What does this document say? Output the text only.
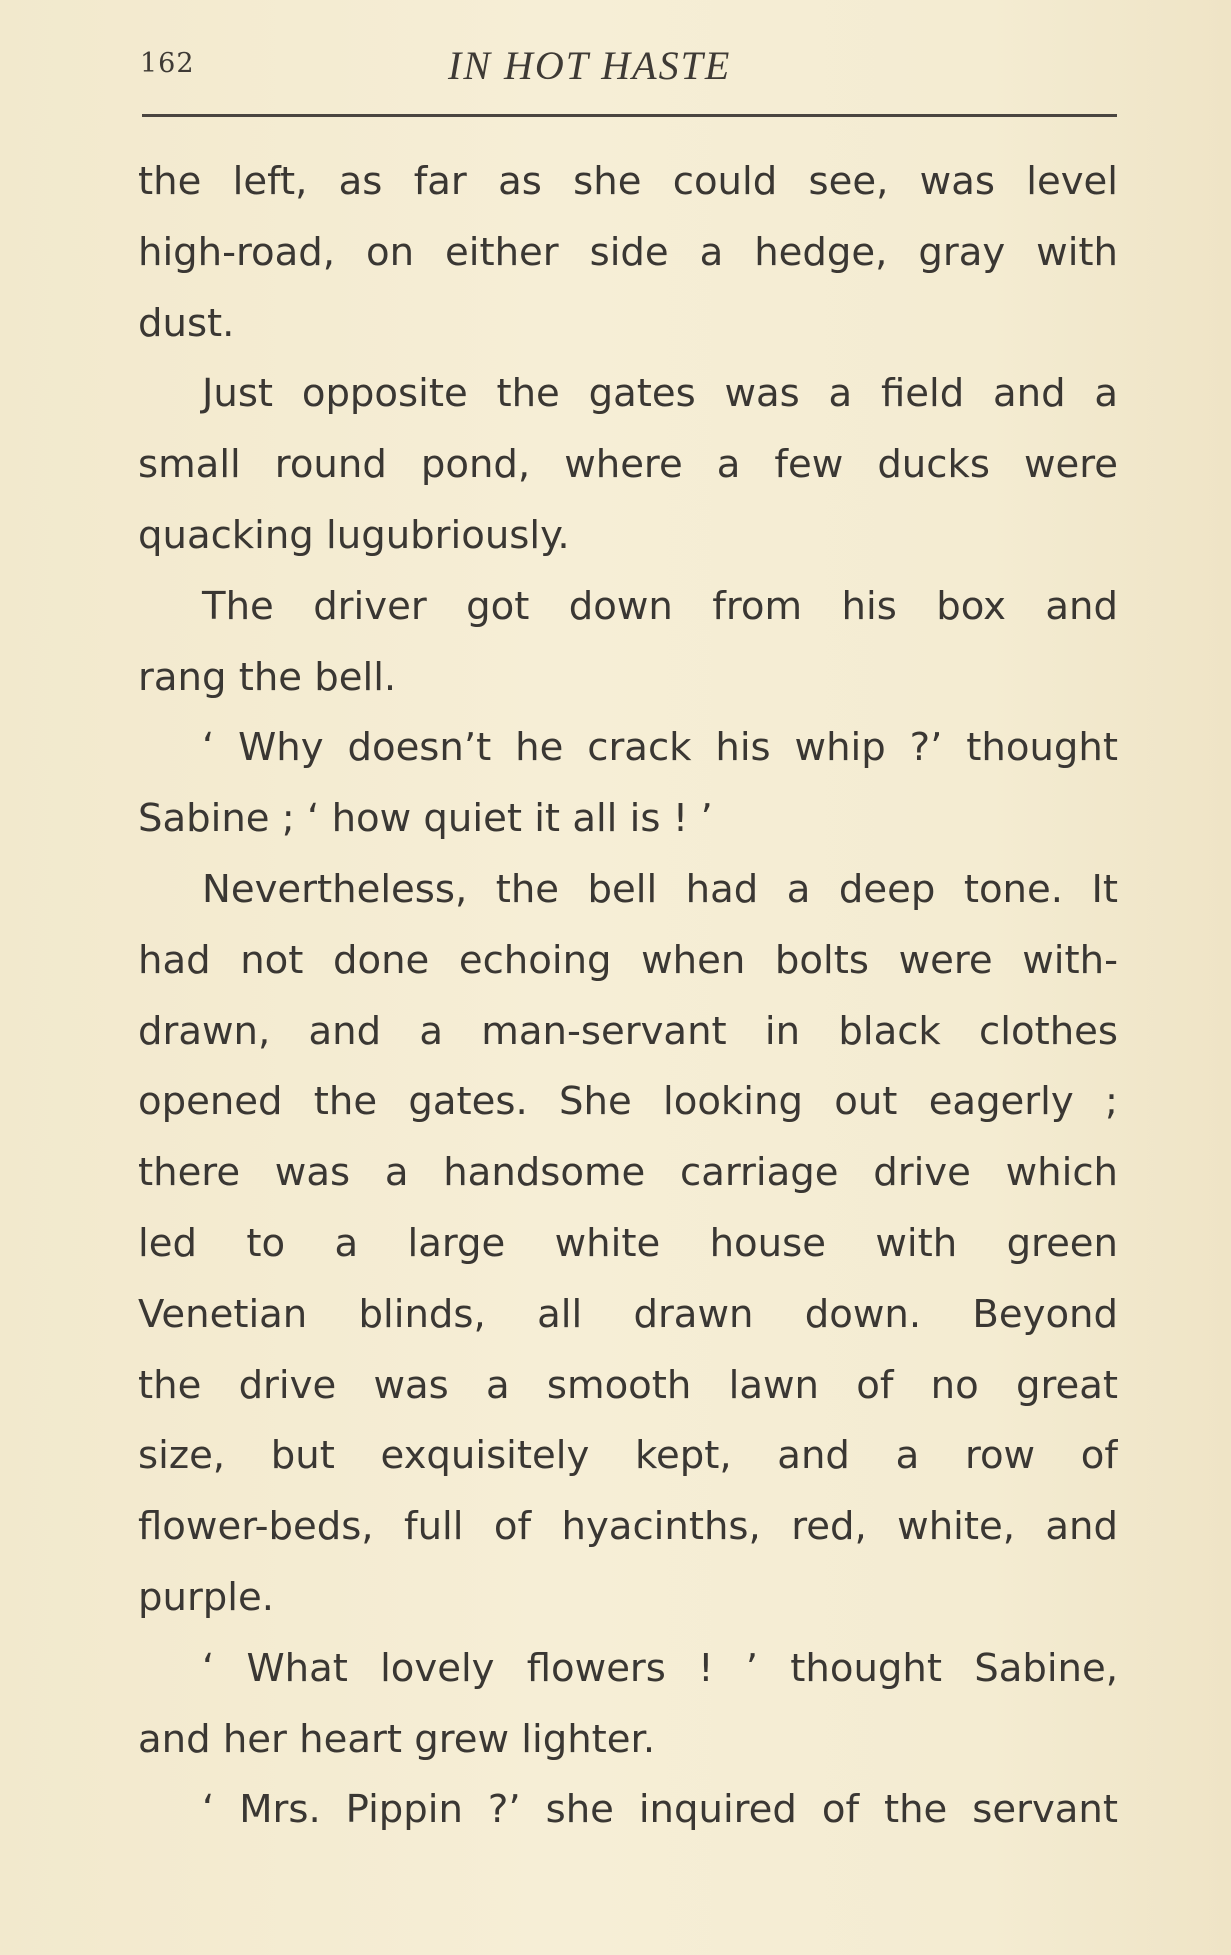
162	IN HOT HASTE
the left, as far as she could see, was level
high-road, on either side a hedge, gray with
dust.
Just opposite the gates was a field and a
small round pond, where a few ducks were
quacking lugubriously.
The driver got down from his box and
rang the bell.
‘ Why doesn’t he crack his whip ?’ thought
Sabine ; ‘ how quiet it all is ! ’
Nevertheless, the bell had a deep tone. It
had not done echoing when bolts were with-
drawn, and a man-servant in black clothes
opened the gates. She looking out eagerly ;
there was a handsome carriage drive which
led to a large white house with green
Venetian blinds, all drawn down. Beyond
the drive was a smooth lawn of no great
size, but exquisitely kept, and a row of
flower-beds, full of hyacinths, red, white, and
purple.
‘ What lovely flowers ! ’ thought Sabine,
and her heart grew lighter.
‘ Mrs. Pippin ?’ she inquired of the servant
